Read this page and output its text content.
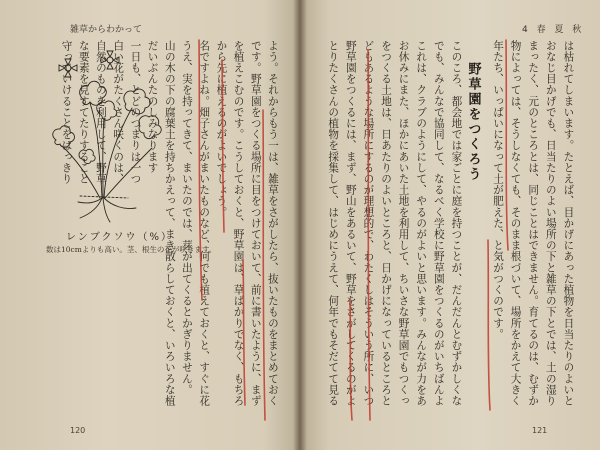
雑草からわかって
よう。それからもう一は、雑草をさがしたら、抜いたものをまとめておく
です。野草園をつくる場所に目をつけておいて、前に書いたように、まず
を植えこむのです。こうしておくと、野草園は、草ばかりでなく、もちろ
から先に植えるのがよいでしょう。
名ですよね。畑子さんがまいたものなど、何でも植えておくと、すぐに花
うえ、実を持ってきて、まいたのでは、芽が出てくるとかぎりません。
山の木の下の腐葉土を持ちかえって、まき散らしておくと、いろいろな植
だいぶんたのしみなります
一日も、とどのつまりは一つ
白い花がたくさん咲くのは、
自然のものを利用して、野草
な要素を見すてたりすること
守っていけることをはっきり
レンブクソウ（%）
数は10cmよりも高い。茎、根生の花が咲きます。
120
4 春 夏 秋
は枯れてしまいます。たとえば、目かげにあった植物を日当たりのよいと
おなじ目かげでも、日当たりのよい場所の下と雑草の下とでは、土の湿り
まったく、元のところとは、同じことはできません。育てるのは、むずか
物によっては、そうしなくても、そのまま根づいて、場所をかえて大きく
年たち、いっぱいになって土が肥えた、と気がつくのです。
このころ、都会地では家ごとに庭を持つことが、だんだんとむずかしくな
でも、みんなで協同して、なるべく学校に野草園をつくるのがいちばんよ
これは、クラブのようにして、やるのがよいと思います。みんなが力をあ
お休みにまた、ほかにあいた土地を利用して、ちいさな野草園でもつくっ
をつくる土地は、日あたりのよいところと、日かげになっているところと
どもあるような場所にするのが理想的で、わたくしはそういう所に、いつ
野草園をつくるには、まず、野山をあるいて、野草をさがしてくるのがよ
とりたくさんの植物を採集して、はじめにうえて、何年でもそだてて見る
野草園をつくろう
121
